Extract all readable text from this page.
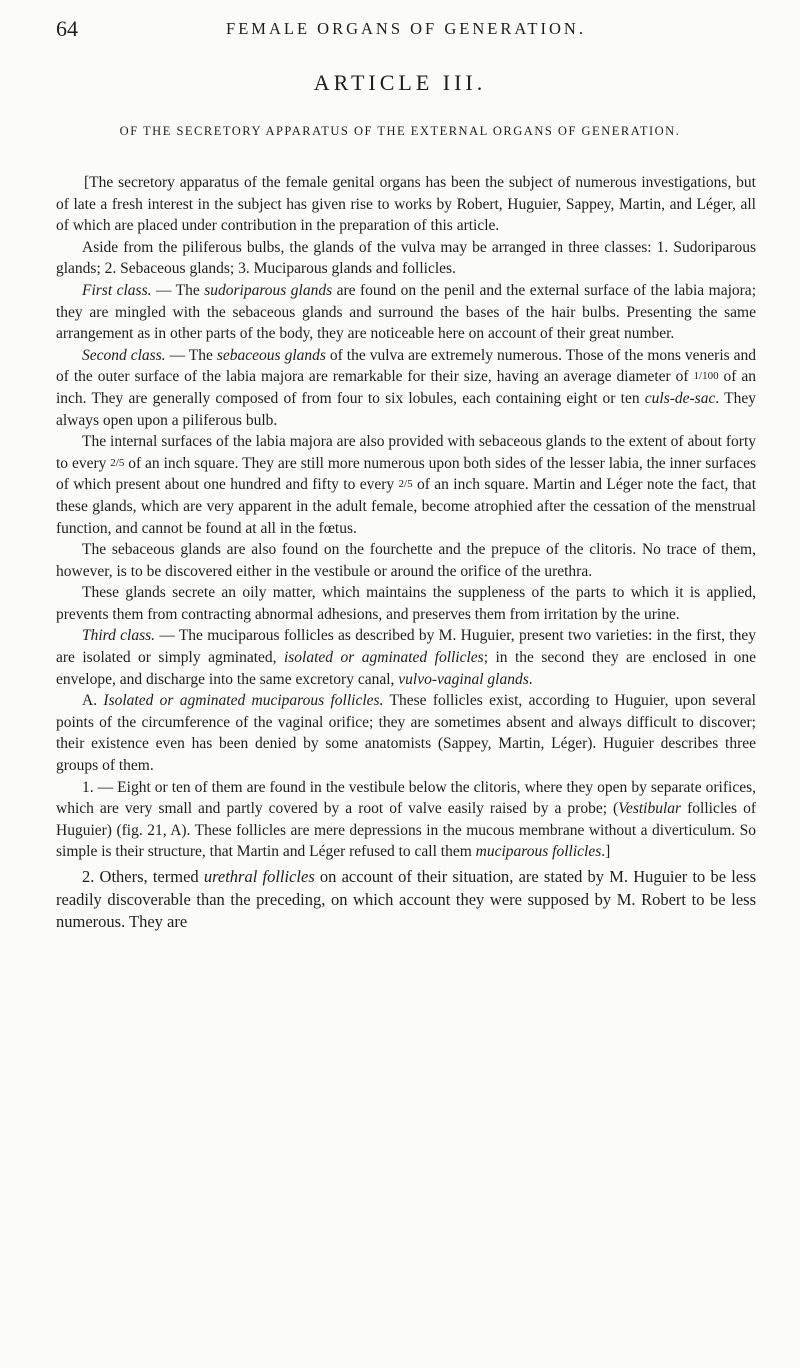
64	FEMALE ORGANS OF GENERATION.
ARTICLE III.
OF THE SECRETORY APPARATUS OF THE EXTERNAL ORGANS OF GENERATION.

[The secretory apparatus of the female genital organs has been the subject of numerous investigations, but of late a fresh interest in the subject has given rise to works by Robert, Huguier, Sappey, Martin, and Léger, all of which are placed under contribution in the preparation of this article.

Aside from the piliferous bulbs, the glands of the vulva may be arranged in three classes: 1. Sudoriparous glands; 2. Sebaceous glands; 3. Muciparous glands and follicles.

First class. — The sudoriparous glands are found on the penil and the external surface of the labia majora; they are mingled with the sebaceous glands and surround the bases of the hair bulbs. Presenting the same arrangement as in other parts of the body, they are noticeable here on account of their great number.

Second class. — The sebaceous glands of the vulva are extremely numerous. Those of the mons veneris and of the outer surface of the labia majora are remarkable for their size, having an average diameter of 1/100 of an inch. They are generally composed of from four to six lobules, each containing eight or ten culs-de-sac. They always open upon a piliferous bulb.

The internal surfaces of the labia majora are also provided with sebaceous glands to the extent of about forty to every 2/5 of an inch square. They are still more numerous upon both sides of the lesser labia, the inner surfaces of which present about one hundred and fifty to every 2/5 of an inch square. Martin and Léger note the fact, that these glands, which are very apparent in the adult female, become atrophied after the cessation of the menstrual function, and cannot be found at all in the fœtus.

The sebaceous glands are also found on the fourchette and the prepuce of the clitoris. No trace of them, however, is to be discovered either in the vestibule or around the orifice of the urethra.

These glands secrete an oily matter, which maintains the suppleness of the parts to which it is applied, prevents them from contracting abnormal adhesions, and preserves them from irritation by the urine.

Third class. — The muciparous follicles as described by M. Huguier, present two varieties: in the first, they are isolated or simply agminated, isolated or agminated follicles; in the second they are enclosed in one envelope, and discharge into the same excretory canal, vulvo-vaginal glands.

A. Isolated or agminated muciparous follicles. These follicles exist, according to Huguier, upon several points of the circumference of the vaginal orifice; they are sometimes absent and always difficult to discover; their existence even has been denied by some anatomists (Sappey, Martin, Léger). Huguier describes three groups of them.

1. — Eight or ten of them are found in the vestibule below the clitoris, where they open by separate orifices, which are very small and partly covered by a root of valve easily raised by a probe; (Vestibular follicles of Huguier) (fig. 21, A). These follicles are mere depressions in the mucous membrane without a diverticulum. So simple is their structure, that Martin and Léger refused to call them muciparous follicles.]

2. Others, termed urethral follicles on account of their situation, are stated by M. Huguier to be less readily discoverable than the preceding, on which account they were supposed by M. Robert to be less numerous. They are
